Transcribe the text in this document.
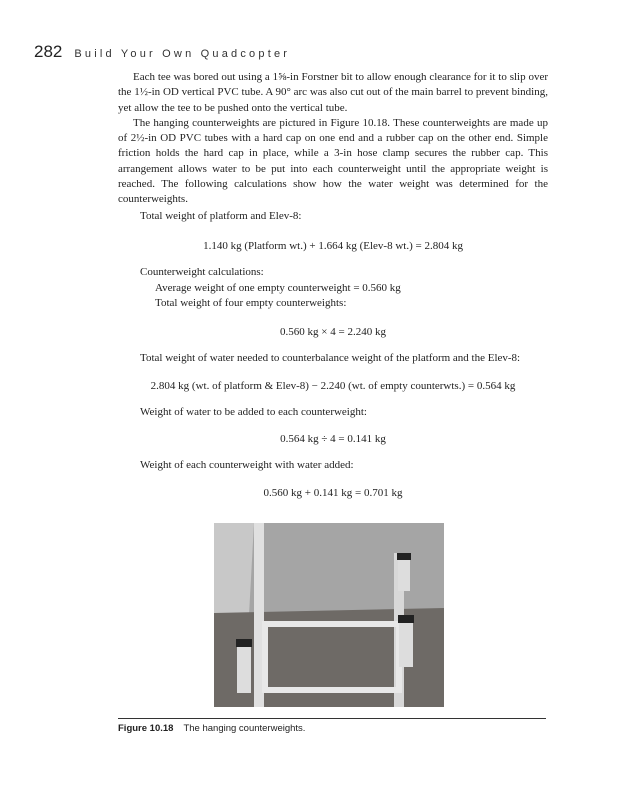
282 Build Your Own Quadcopter

Each tee was bored out using a 1⅝-in Forstner bit to allow enough clearance for it to slip over the 1½-in OD vertical PVC tube. A 90° arc was also cut out of the main barrel to prevent binding, yet allow the tee to be pushed onto the vertical tube.

The hanging counterweights are pictured in Figure 10.18. These counterweights are made up of 2½-in OD PVC tubes with a hard cap on one end and a rubber cap on the other end. Simple friction holds the hard cap in place, while a 3-in hose clamp secures the rubber cap. This arrangement allows water to be put into each counterweight until the appropriate weight is reached. The following calculations show how the water weight was determined for the counterweights.

Total weight of platform and Elev-8:
1.140 kg (Platform wt.) + 1.664 kg (Elev-8 wt.) = 2.804 kg
Counterweight calculations:
Average weight of one empty counterweight = 0.560 kg
Total weight of four empty counterweights:
0.560 kg × 4 = 2.240 kg
Total weight of water needed to counterbalance weight of the platform and the Elev-8:
2.804 kg (wt. of platform & Elev-8) − 2.240 (wt. of empty counterwts.) = 0.564 kg
Weight of water to be added to each counterweight:
0.564 kg ÷ 4 = 0.141 kg
Weight of each counterweight with water added:
0.560 kg + 0.141 kg = 0.701 kg
Figure 10.18 The hanging counterweights.
